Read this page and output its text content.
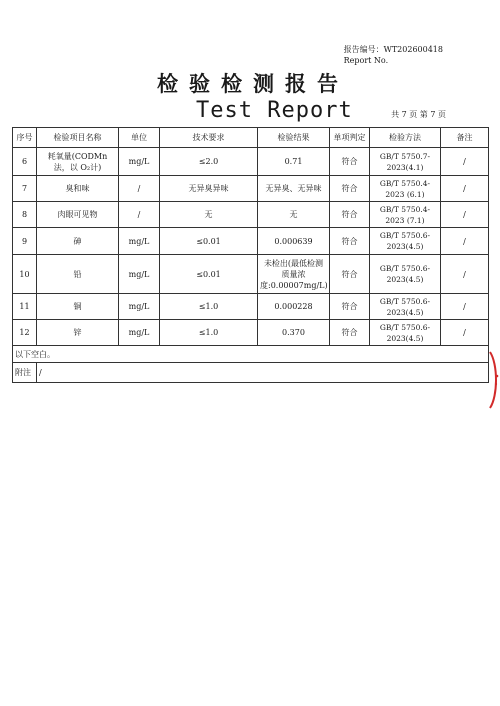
报告编号：WT202600418
Report No.
检验检测报告
Test Report	共 7 页 第 7 页
序号	检验项目名称	单位	技术要求	检验结果	单项判定	检验方法	备注
6	耗氧量(CODMn 法，以 O₂计)	mg/L	≤2.0	0.71	符合	GB/T 5750.7-2023(4.1)	/
7	臭和味	/	无异臭异味	无异臭、无异味	符合	GB/T 5750.4-2023 (6.1)	/
8	肉眼可见物	/	无	无	符合	GB/T 5750.4-2023 (7.1)	/
9	砷	mg/L	≤0.01	0.000639	符合	GB/T 5750.6-2023(4.5)	/
10	铅	mg/L	≤0.01	未检出(最低检测质量浓度:0.00007mg/L)	符合	GB/T 5750.6-2023(4.5)	/
11	铜	mg/L	≤1.0	0.000228	符合	GB/T 5750.6-2023(4.5)	/
12	锌	mg/L	≤1.0	0.370	符合	GB/T 5750.6-2023(4.5)	/
以下空白。							
附注	/						
